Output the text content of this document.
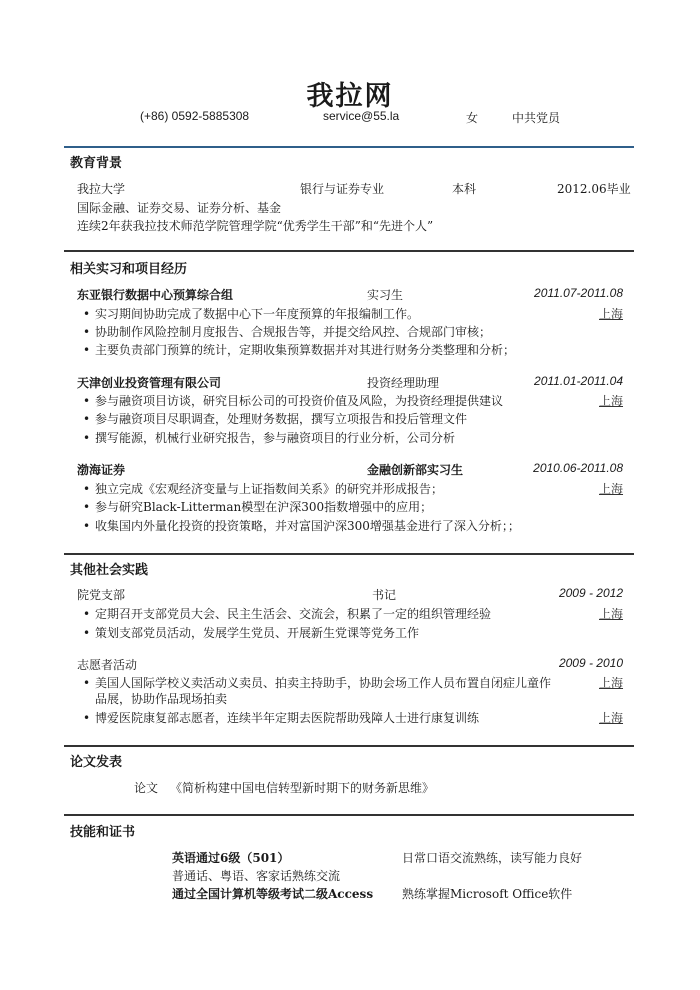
我拉网
(+86) 0592-5885308	service@55.la	女	中共党员
教育背景
我拉大学	银行与证券专业	本科	2012.06毕业
国际金融、证券交易、证券分析、基金
连续2年获我拉技术师范学院管理学院“优秀学生干部”和“先进个人”
相关实习和项目经历
东亚银行数据中心预算综合组	实习生	2011.07-2011.08
• 实习期间协助完成了数据中心下一年度预算的年报编制工作。	上海
• 协助制作风险控制月度报告、合规报告等，并提交给风控、合规部门审核；
• 主要负责部门预算的统计，定期收集预算数据并对其进行财务分类整理和分析；
天津创业投资管理有限公司	投资经理助理	2011.01-2011.04
• 参与融资项目访谈，研究目标公司的可投资价值及风险，为投资经理提供建议	上海
• 参与融资项目尽职调查，处理财务数据，撰写立项报告和投后管理文件
• 撰写能源，机械行业研究报告，参与融资项目的行业分析，公司分析
渤海证券	金融创新部实习生	2010.06-2011.08
• 独立完成《宏观经济变量与上证指数间关系》的研究并形成报告；	上海
• 参与研究Black-Litterman模型在沪深300指数增强中的应用；
• 收集国内外量化投资的投资策略，并对富国沪深300增强基金进行了深入分析；；
其他社会实践
院党支部	书记	2009 - 2012
• 定期召开支部党员大会、民主生活会、交流会，积累了一定的组织管理经验	上海
• 策划支部党员活动，发展学生党员、开展新生党课等党务工作
志愿者活动	2009 - 2010
• 美国人国际学校义卖活动义卖员、拍卖主持助手，协助会场工作人员布置自闭症儿童作	上海
品展，协助作品现场拍卖
• 博爱医院康复部志愿者，连续半年定期去医院帮助残障人士进行康复训练	上海
论文发表
论文 《简析构建中国电信转型新时期下的财务新思维》
技能和证书
英语通过6级（501）	日常口语交流熟练，读写能力良好
普通话、粤语、客家话熟练交流
通过全国计算机等级考试二级Access 熟练掌握Microsoft Office软件
